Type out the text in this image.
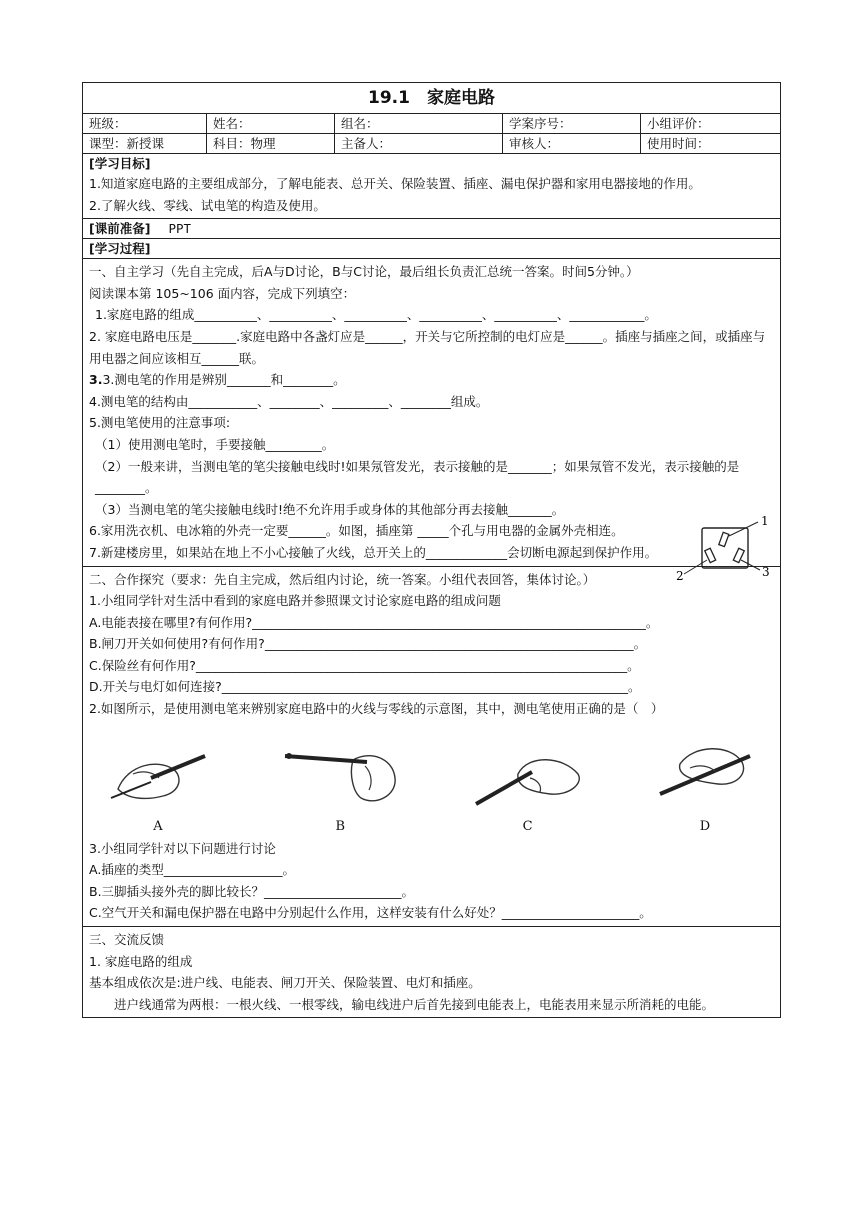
19.1　家庭电路
班级：	姓名：	组名：	学案序号：	小组评价：
课型：新授课	科目：物理	主备人：	审核人：	使用时间：
[学习目标]

1.知道家庭电路的主要组成部分，了解电能表、总开关、保险装置、插座、漏电保护器和家用电器接地的作用。

2.了解火线、零线、试电笔的构造及使用。

[课前准备] PPT
[学习过程]

一、自主学习（先自主完成，后A与D讨论，B与C讨论，最后组长负责汇总统一答案。时间5分钟。）

阅读课本第 105~106 面内容，完成下列填空：

1.家庭电路的组成__________、__________、__________、__________、__________、____________。

2. 家庭电路电压是_______.家庭电路中各盏灯应是______，开关与它所控制的电灯应是______。插座与插座之间，或插座与用电器之间应该相互______联。

3.3.测电笔的作用是辨别_______和________。

4.测电笔的结构由___________、________、_________、________组成。

5.测电笔使用的注意事项:

（1）使用测电笔时，手要接触_________。

（2）一般来讲，当测电笔的笔尖接触电线时!如果氖管发光，表示接触的是_______；如果氖管不发光，表示接触的是________。

（3）当测电笔的笔尖接触电线时!绝不允许用手或身体的其他部分再去接触_______。

6.家用洗衣机、电冰箱的外壳一定要______。如图，插座第 _____个孔与用电器的金属外壳相连。

1
2	3

7.新建楼房里，如果站在地上不小心接触了火线，总开关上的_____________会切断电源起到保护作用。

二、合作探究（要求：先自主完成，然后组内讨论，统一答案。小组代表回答，集体讨论。）

1.小组同学针对生活中看到的家庭电路并参照课文讨论家庭电路的组成问题

A.电能表接在哪里?有何作用?_______________________________________________________________。

B.闸刀开关如何使用?有何作用?___________________________________________________________。

C.保险丝有何作用?_____________________________________________________________________。

D.开关与电灯如何连接?_________________________________________________________________。

2.如图所示，是使用测电笔来辨别家庭电路中的火线与零线的示意图，其中，测电笔使用正确的是（　）

A	B	C	D

3.小组同学针对以下问题进行讨论

A.插座的类型___________________。

B.三脚插头接外壳的脚比较长？______________________。

C.空气开关和漏电保护器在电路中分别起什么作用，这样安装有什么好处？______________________。

三、交流反馈

1. 家庭电路的组成

基本组成依次是:进户线、电能表、闸刀开关、保险装置、电灯和插座。

　　进户线通常为两根：一根火线、一根零线，输电线进户后首先接到电能表上，电能表用来显示所消耗的电能。
